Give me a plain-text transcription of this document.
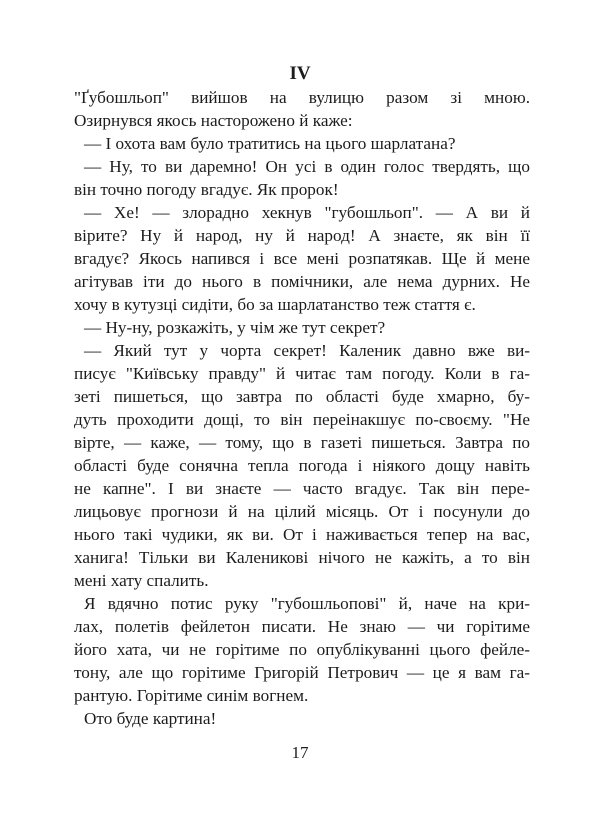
IV
"Ґубошльоп" вийшов на вулицю разом зі мною.
Озирнувся якось насторожено й каже:
— І охота вам було тратитись на цього шарлатана?
— Ну, то ви даремно! Он усі в один голос твердять, що
він точно погоду вгадує. Як пророк!
— Хе! — злорадно хекнув "губошльоп". — А ви й
вірите? Ну й народ, ну й народ! А знаєте, як він її
вгадує? Якось напився і все мені розпатякав. Ще й мене
агітував іти до нього в помічники, але нема дурних. Не
хочу в кутузці сидіти, бо за шарлатанство теж стаття є.
— Ну-ну, розкажіть, у чім же тут секрет?
— Який тут у чорта секрет! Каленик давно вже ви-
писує "Київську правду" й читає там погоду. Коли в га-
зеті пишеться, що завтра по області буде хмарно, бу-
дуть проходити дощі, то він переінакшує по-своєму. "Не
вірте, — каже, — тому, що в газеті пишеться. Завтра по
області буде сонячна тепла погода і ніякого дощу навіть
не капне". І ви знаєте — часто вгадує. Так він пере-
лицьовує прогнози й на цілий місяць. От і посунули до
нього такі чудики, як ви. От і наживається тепер на вас,
ханига! Тільки ви Калениковi нічого не кажіть, а то він
мені хату спалить.
Я вдячно потис руку "губошльопові" й, наче на кри-
лах, полетів фейлетон писати. Не знаю — чи горітиме
його хата, чи не горітиме по опублікуванні цього фейле-
тону, але що горітиме Григорій Петрович — це я вам га-
рантую. Горітиме синім вогнем.
Ото буде картина!
17
